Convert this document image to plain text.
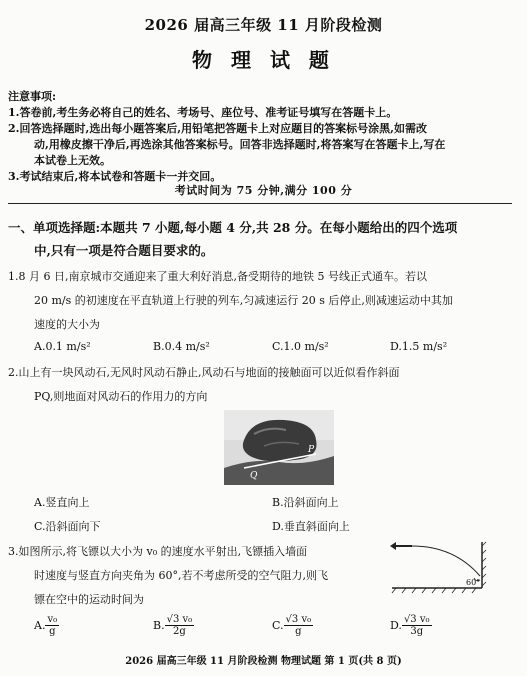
2026 届高三年级 11 月阶段检测
物 理 试 题
注意事项:
1.答卷前,考生务必将自己的姓名、考场号、座位号、准考证号填写在答题卡上。
2.回答选择题时,选出每小题答案后,用铅笔把答题卡上对应题目的答案标号涂黑,如需改
动,用橡皮擦干净后,再选涂其他答案标号。回答非选择题时,将答案写在答题卡上,写在
本试卷上无效。
3.考试结束后,将本试卷和答题卡一并交回。
考试时间为 75 分钟,满分 100 分
一、单项选择题:本题共 7 小题,每小题 4 分,共 28 分。在每小题给出的四个选项
中,只有一项是符合题目要求的。
1.8 月 6 日,南京城市交通迎来了重大利好消息,备受期待的地铁 5 号线正式通车。若以
20 m/s 的初速度在平直轨道上行驶的列车,匀减速运行 20 s 后停止,则减速运动中其加
速度的大小为
A.0.1 m/s²	B.0.4 m/s²	C.1.0 m/s²	D.1.5 m/s²
2.山上有一块风动石,无风时风动石静止,风动石与地面的接触面可以近似看作斜面
PQ,则地面对风动石的作用力的方向
P
Q
A.竖直向上	B.沿斜面向上
C.沿斜面向下	D.垂直斜面向上
3.如图所示,将飞镖以大小为 v₀ 的速度水平射出,飞镖插入墙面
时速度与竖直方向夹角为 60°,若不考虑所受的空气阻力,则飞
镖在空中的运动时间为
60°
A. $\frac{\text{v₀}}{g}$	B. $\frac{\text{√3 v₀}}{2g}$	C. $\frac{\text{√3 v₀}}{g}$	D. $\frac{\text{√3 v₀}}{3g}$
2026 届高三年级 11 月阶段检测 物理试题 第 1 页(共 8 页)
